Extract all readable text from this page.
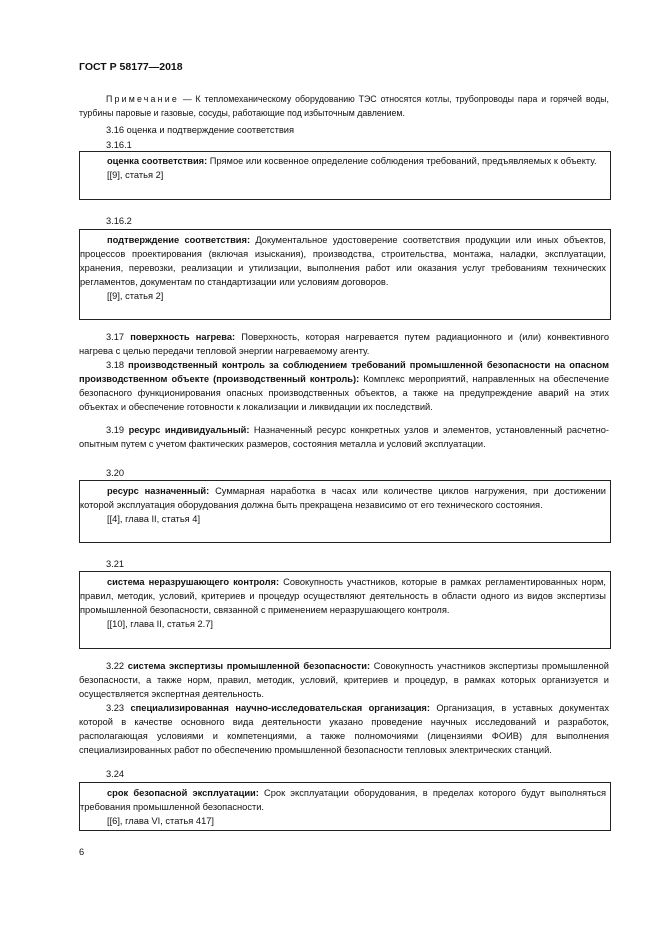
ГОСТ Р 58177—2018
Примечание — К тепломеханическому оборудованию ТЭС относятся котлы, трубопроводы пара и горячей воды, турбины паровые и газовые, сосуды, работающие под избыточным давлением.
3.16 оценка и подтверждение соответствия
3.16.1
оценка соответствия: Прямое или косвенное определение соблюдения требований, предъявляемых к объекту.
[[9], статья 2]
3.16.2
подтверждение соответствия: Документальное удостоверение соответствия продукции или иных объектов, процессов проектирования (включая изыскания), производства, строительства, монтажа, наладки, эксплуатации, хранения, перевозки, реализации и утилизации, выполнения работ или оказания услуг требованиям технических регламентов, документам по стандартизации или условиям договоров.
[[9], статья 2]
3.17 поверхность нагрева: Поверхность, которая нагревается путем радиационного и (или) конвективного нагрева с целью передачи тепловой энергии нагреваемому агенту.
3.18 производственный контроль за соблюдением требований промышленной безопасности на опасном производственном объекте (производственный контроль): Комплекс мероприятий, направленных на обеспечение безопасного функционирования опасных производственных объектов, а также на предупреждение аварий на этих объектах и обеспечение готовности к локализации и ликвидации их последствий.
3.19 ресурс индивидуальный: Назначенный ресурс конкретных узлов и элементов, установленный расчетно-опытным путем с учетом фактических размеров, состояния металла и условий эксплуатации.
3.20
ресурс назначенный: Суммарная наработка в часах или количестве циклов нагружения, при достижении которой эксплуатация оборудования должна быть прекращена независимо от его технического состояния.
[[4], глава II, статья 4]
3.21
система неразрушающего контроля: Совокупность участников, которые в рамках регламентированных норм, правил, методик, условий, критериев и процедур осуществляют деятельность в области одного из видов экспертизы промышленной безопасности, связанной с применением неразрушающего контроля.
[[10], глава II, статья 2.7]
3.22 система экспертизы промышленной безопасности: Совокупность участников экспертизы промышленной безопасности, а также норм, правил, методик, условий, критериев и процедур, в рамках которых организуется и осуществляется экспертная деятельность.
3.23 специализированная научно-исследовательская организация: Организация, в уставных документах которой в качестве основного вида деятельности указано проведение научных исследований и разработок, располагающая условиями и компетенциями, а также полномочиями (лицензиями ФОИВ) для выполнения специализированных работ по обеспечению промышленной безопасности тепловых электрических станций.
3.24
срок безопасной эксплуатации: Срок эксплуатации оборудования, в пределах которого будут выполняться требования промышленной безопасности.
[[6], глава VI, статья 417]
6
